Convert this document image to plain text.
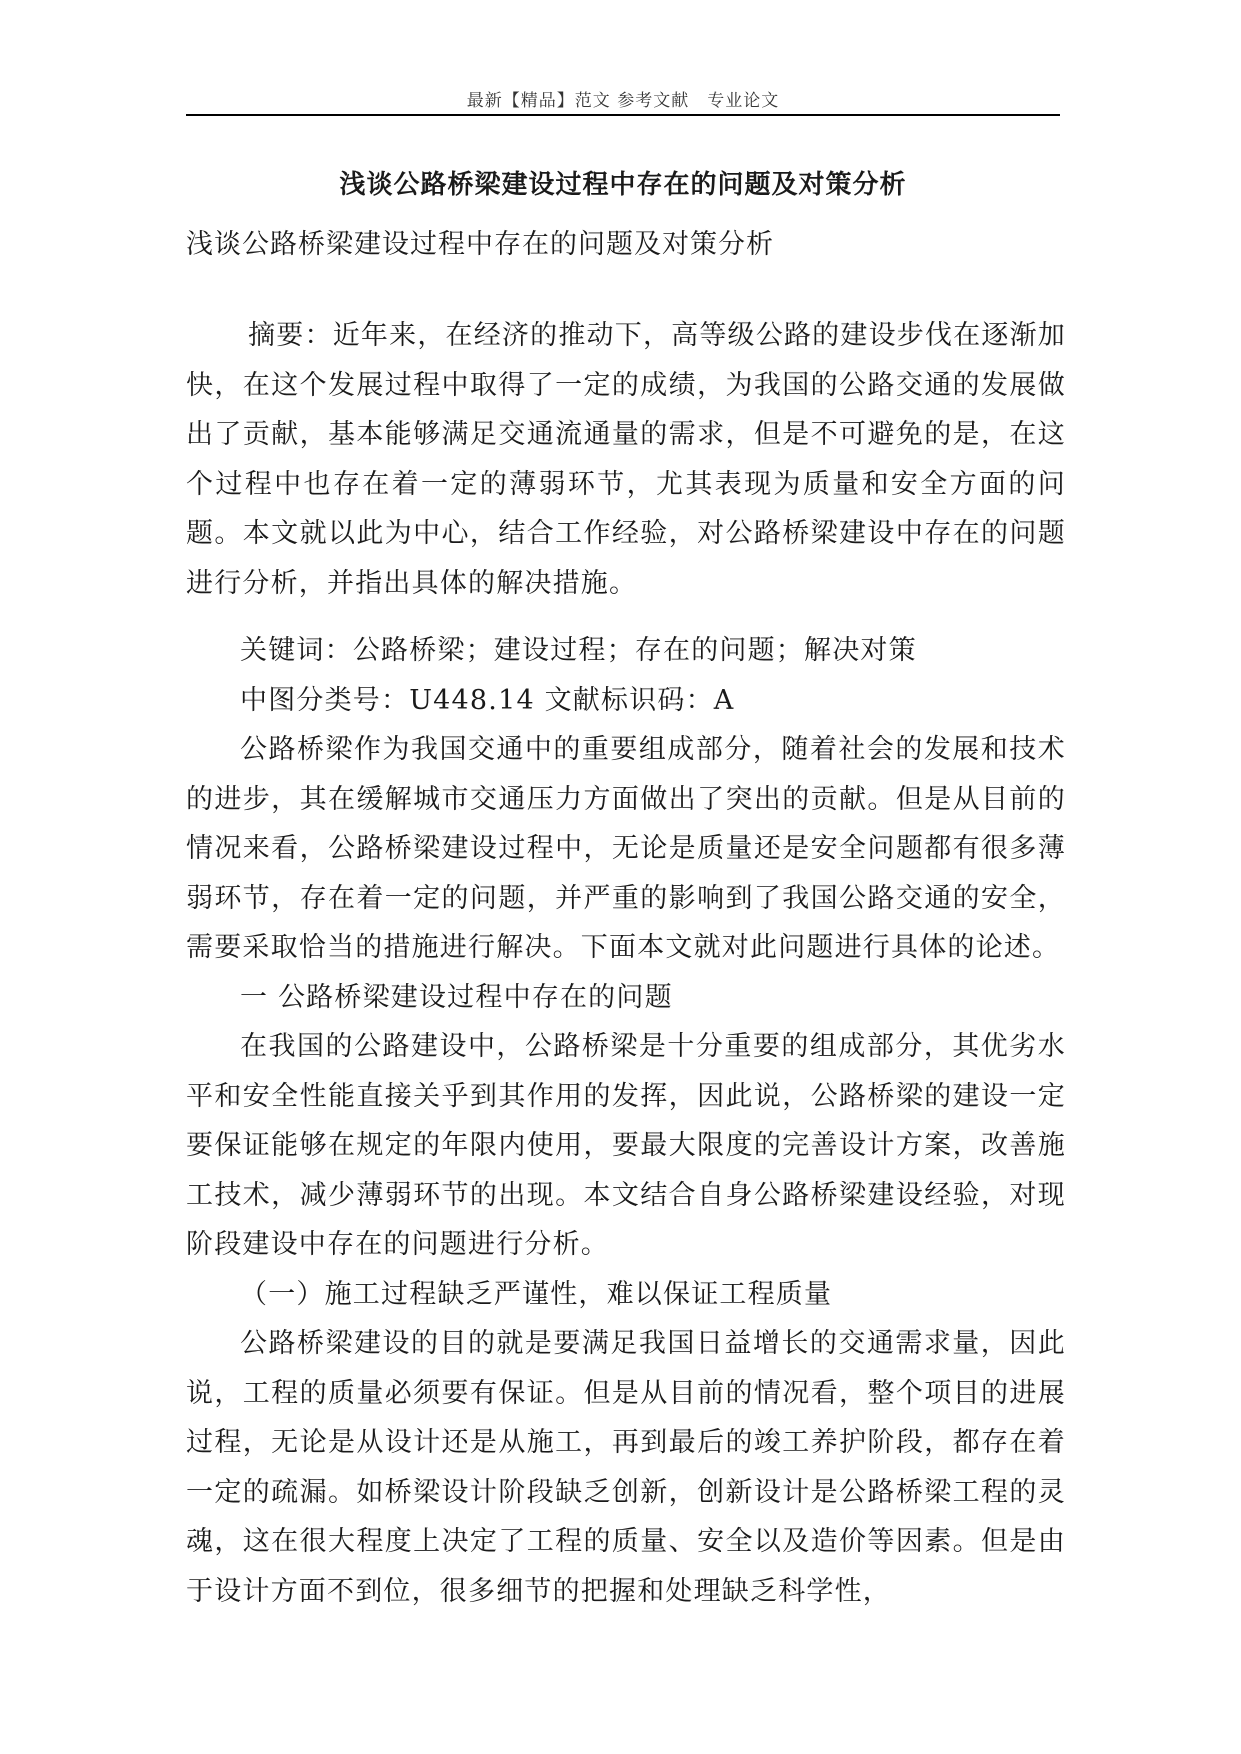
最新【精品】范文 参考文献　专业论文
浅谈公路桥梁建设过程中存在的问题及对策分析
浅谈公路桥梁建设过程中存在的问题及对策分析

摘要：近年来，在经济的推动下，高等级公路的建设步伐在逐渐加快，在这个发展过程中取得了一定的成绩，为我国的公路交通的发展做出了贡献，基本能够满足交通流通量的需求，但是不可避免的是，在这个过程中也存在着一定的薄弱环节，尤其表现为质量和安全方面的问题。本文就以此为中心，结合工作经验，对公路桥梁建设中存在的问题进行分析，并指出具体的解决措施。

关键词：公路桥梁；建设过程；存在的问题；解决对策

中图分类号：U448.14 文献标识码：A

公路桥梁作为我国交通中的重要组成部分，随着社会的发展和技术的进步，其在缓解城市交通压力方面做出了突出的贡献。但是从目前的情况来看，公路桥梁建设过程中，无论是质量还是安全问题都有很多薄弱环节，存在着一定的问题，并严重的影响到了我国公路交通的安全，需要采取恰当的措施进行解决。下面本文就对此问题进行具体的论述。

一 公路桥梁建设过程中存在的问题

在我国的公路建设中，公路桥梁是十分重要的组成部分，其优劣水平和安全性能直接关乎到其作用的发挥，因此说，公路桥梁的建设一定要保证能够在规定的年限内使用，要最大限度的完善设计方案，改善施工技术，减少薄弱环节的出现。本文结合自身公路桥梁建设经验，对现阶段建设中存在的问题进行分析。

（一）施工过程缺乏严谨性，难以保证工程质量

公路桥梁建设的目的就是要满足我国日益增长的交通需求量，因此说，工程的质量必须要有保证。但是从目前的情况看，整个项目的进展过程，无论是从设计还是从施工，再到最后的竣工养护阶段，都存在着一定的疏漏。如桥梁设计阶段缺乏创新，创新设计是公路桥梁工程的灵魂，这在很大程度上决定了工程的质量、安全以及造价等因素。但是由于设计方面不到位，很多细节的把握和处理缺乏科学性，
